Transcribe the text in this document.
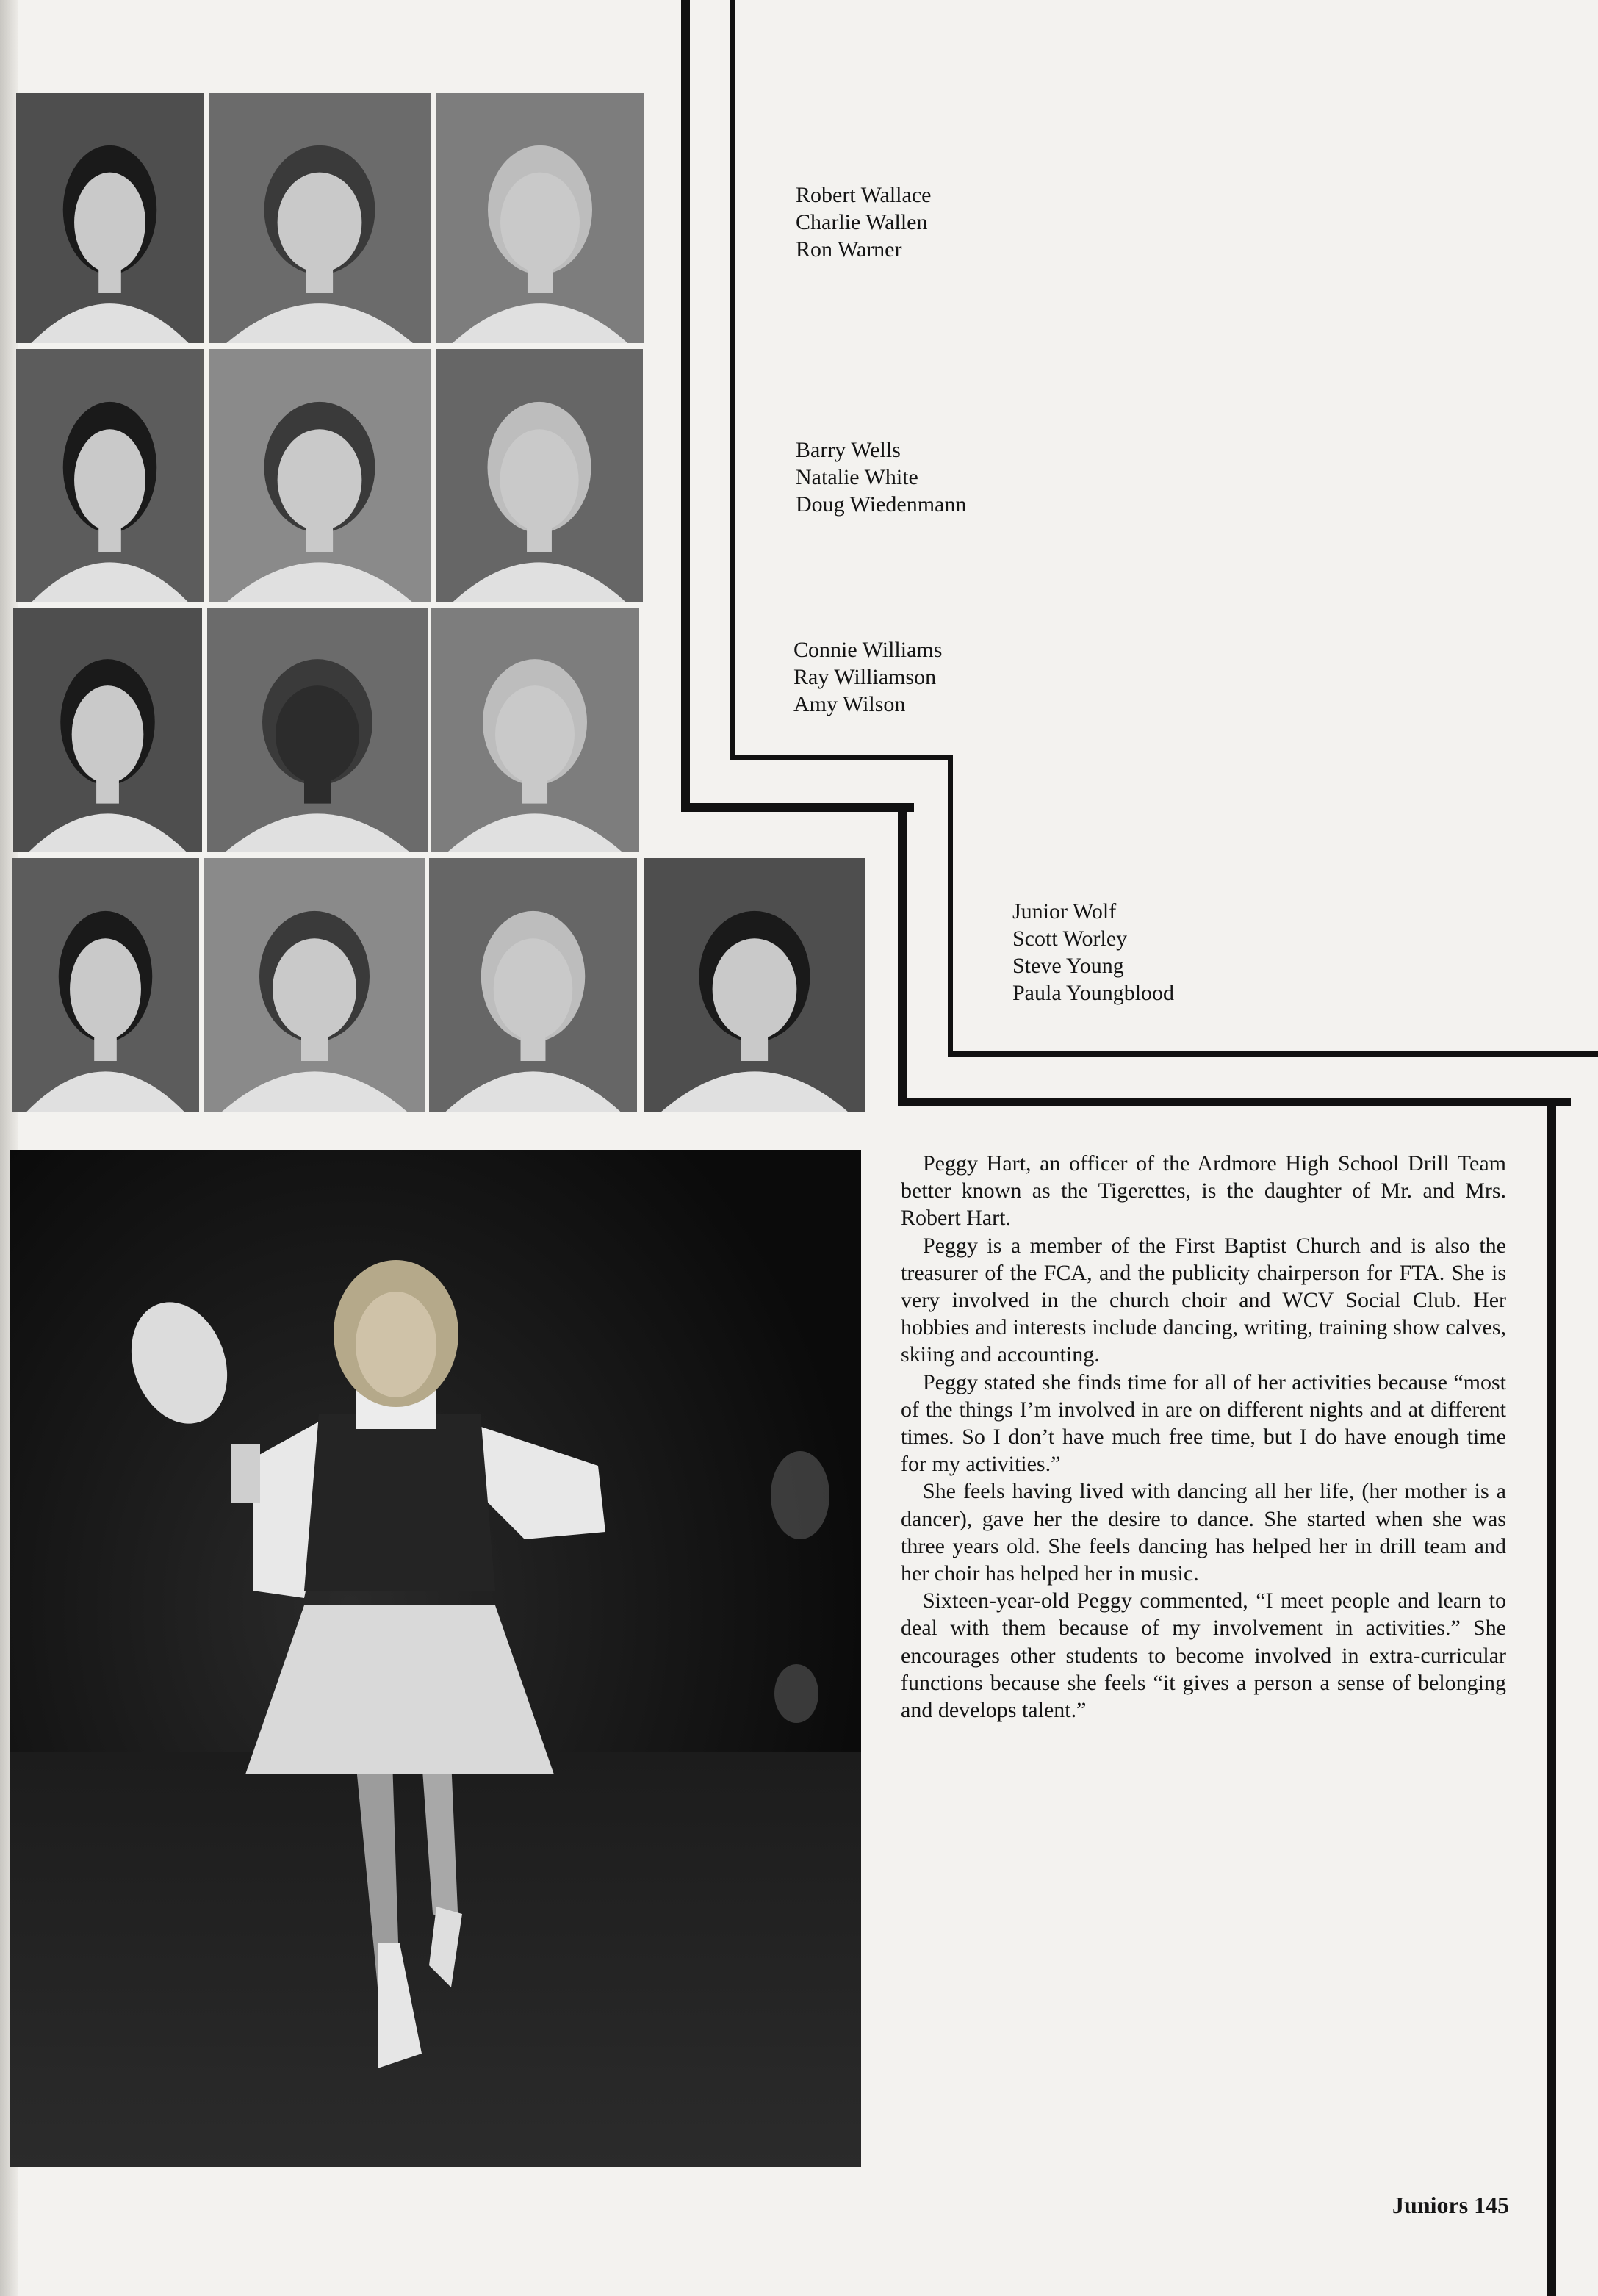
Robert Wallace
Charlie Wallen
Ron Warner
Barry Wells
Natalie White
Doug Wiedenmann
Connie Williams
Ray Williamson
Amy Wilson
Junior Wolf
Scott Worley
Steve Young
Paula Youngblood

Peggy Hart, an officer of the Ardmore High School Drill Team better known as the Tigerettes, is the daughter of Mr. and Mrs. Robert Hart.

Peggy is a member of the First Baptist Church and is also the treasurer of the FCA, and the publicity chairperson for FTA. She is very involved in the church choir and WCV Social Club. Her hobbies and interests include dancing, writing, training show calves, skiing and accounting.

Peggy stated she finds time for all of her activities because “most of the things I’m involved in are on different nights and at different times. So I don’t have much free time, but I do have enough time for my activities.”

She feels having lived with dancing all her life, (her mother is a dancer), gave her the desire to dance. She started when she was three years old. She feels dancing has helped her in drill team and her choir has helped her in music.

Sixteen-year-old Peggy commented, “I meet people and learn to deal with them because of my involvement in activities.” She encourages other students to become involved in extra-curricular functions because she feels “it gives a person a sense of belonging and develops talent.”

Juniors 145
